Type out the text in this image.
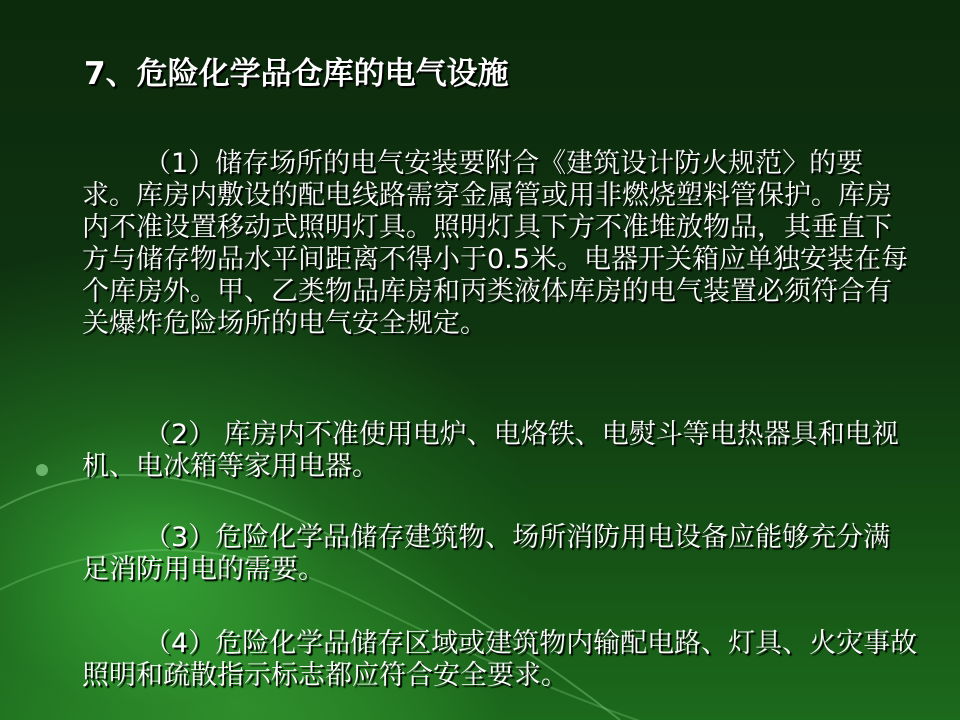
7、危险化学品仓库的电气设施
（1）储存场所的电气安装要附合《建筑设计防火规范〉的要求。库房内敷设的配电线路需穿金属管或用非燃烧塑料管保护。库房内不准设置移动式照明灯具。照明灯具下方不准堆放物品，其垂直下方与储存物品水平间距离不得小于0.5米。电器开关箱应单独安装在每个库房外。甲、乙类物品库房和丙类液体库房的电气装置必须符合有关爆炸危险场所的电气安全规定。
（2） 库房内不准使用电炉、电烙铁、电熨斗等电热器具和电视机、电冰箱等家用电器。
（3）危险化学品储存建筑物、场所消防用电设备应能够充分满足消防用电的需要。
（4）危险化学品储存区域或建筑物内输配电路、灯具、火灾事故照明和疏散指示标志都应符合安全要求。
